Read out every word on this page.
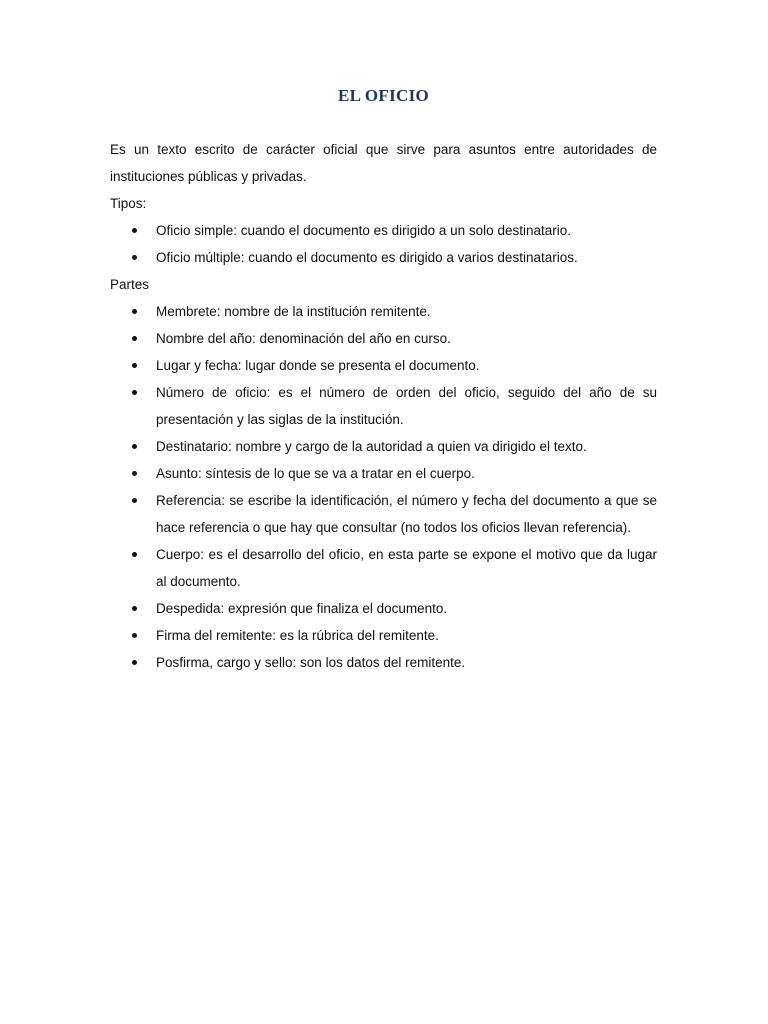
EL OFICIO

Es un texto escrito de carácter oficial que sirve para asuntos entre autoridades de instituciones públicas y privadas.

Tipos:

Oficio simple: cuando el documento es dirigido a un solo destinatario.
Oficio múltiple: cuando el documento es dirigido a varios destinatarios.

Partes

Membrete: nombre de la institución remitente.
Nombre del año: denominación del año en curso.
Lugar y fecha: lugar donde se presenta el documento.
Número de oficio: es el número de orden del oficio, seguido del año de su presentación y las siglas de la institución.
Destinatario: nombre y cargo de la autoridad a quien va dirigido el texto.
Asunto: síntesis de lo que se va a tratar en el cuerpo.
Referencia: se escribe la identificación, el número y fecha del documento a que se hace referencia o que hay que consultar (no todos los oficios llevan referencia).
Cuerpo: es el desarrollo del oficio, en esta parte se expone el motivo que da lugar al documento.
Despedida: expresión que finaliza el documento.
Firma del remitente: es la rúbrica del remitente.
Posfirma, cargo y sello: son los datos del remitente.
